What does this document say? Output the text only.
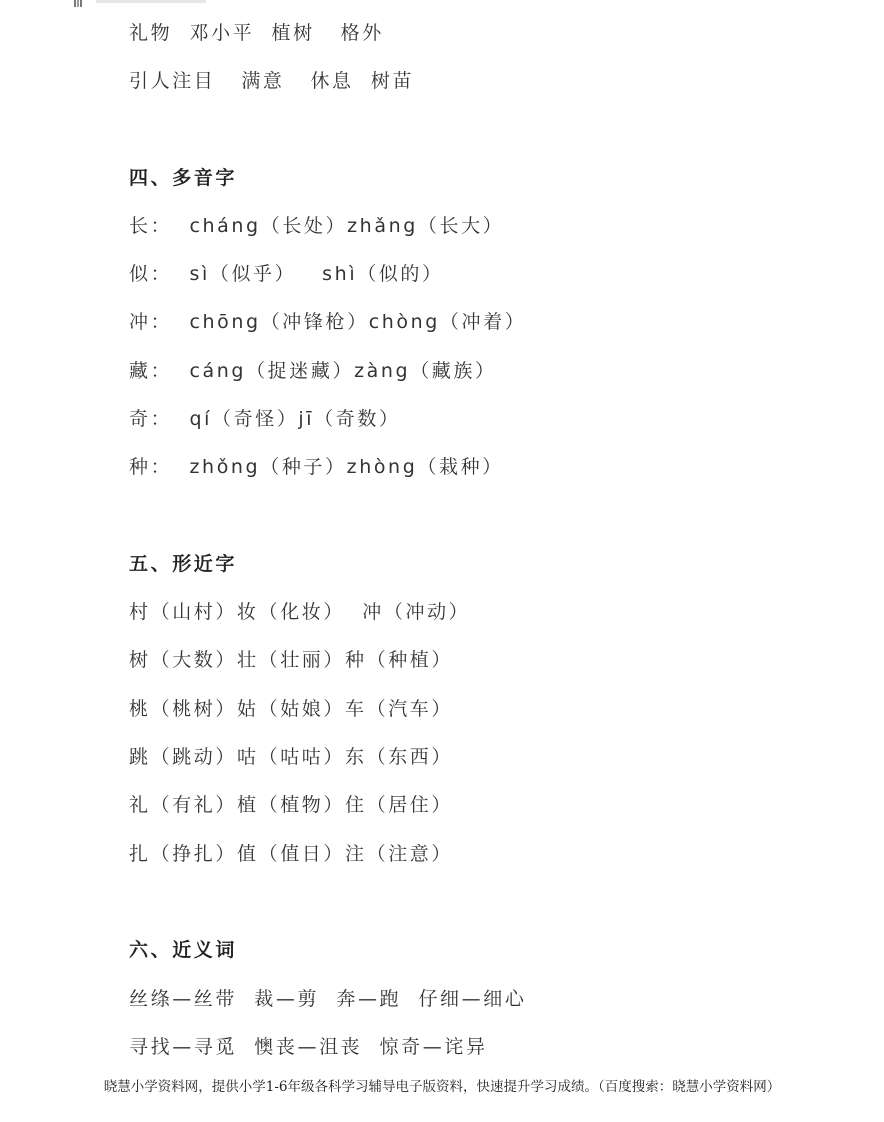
礼物  邓小平  植树   格外

引人注目   满意   休息  树苗

四、多音字

长：  cháng（长处）zhǎng（长大）

似：  sì（似乎）   shì（似的）

冲：  chōng（冲锋枪）chòng（冲着）

藏：  cáng（捉迷藏）zàng（藏族）

奇：  qí（奇怪）jī（奇数）

种：  zhǒng（种子）zhòng（栽种）

五、形近字

村（山村）妆（化妆）  冲（冲动）

树（大数）壮（壮丽）种（种植）

桃（桃树）姑（姑娘）车（汽车）

跳（跳动）咕（咕咕）东（东西）

礼（有礼）植（植物）住（居住）

扎（挣扎）值（值日）注（注意）

六、近义词

丝绦—丝带  裁—剪  奔—跑  仔细—细心

寻找—寻觅  懊丧—沮丧  惊奇—诧异

晓慧小学资料网，提供小学1-6年级各科学习辅导电子版资料，快速提升学习成绩。（百度搜索：晓慧小学资料网）
